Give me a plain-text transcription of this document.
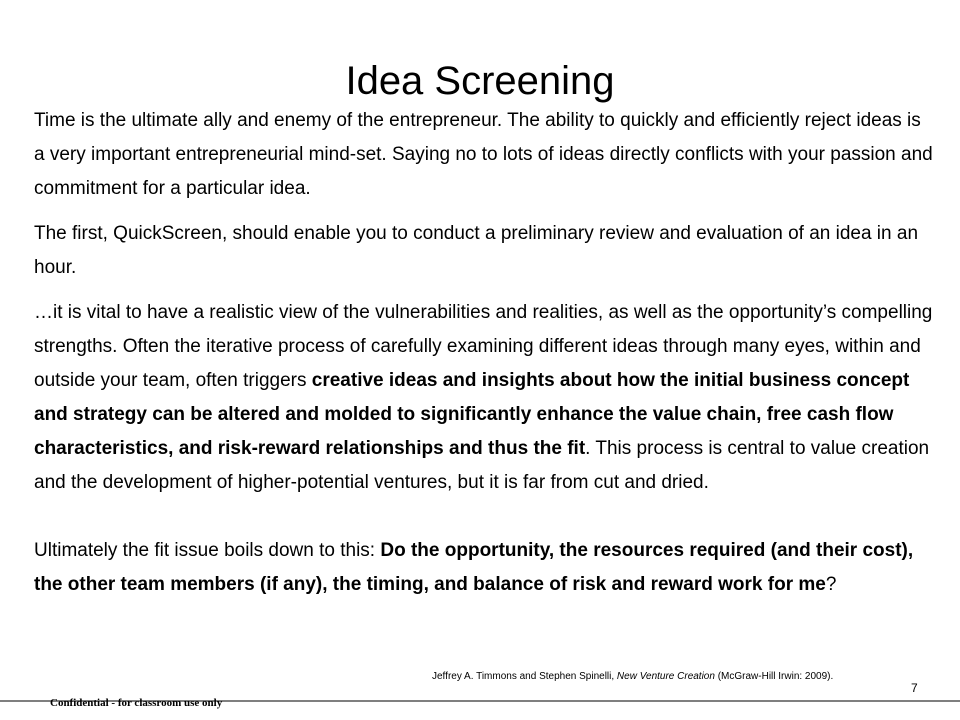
Idea Screening

Time is the ultimate ally and enemy of the entrepreneur. The ability to quickly and efficiently reject ideas is a very important entrepreneurial mind-set. Saying no to lots of ideas directly conflicts with your passion and commitment for a particular idea.

The first, QuickScreen, should enable you to conduct a preliminary review and evaluation of an idea in an hour.

…it is vital to have a realistic view of the vulnerabilities and realities, as well as the opportunity’s compelling strengths. Often the iterative process of carefully examining different ideas through many eyes, within and outside your team, often triggers creative ideas and insights about how the initial business concept and strategy can be altered and molded to significantly enhance the value chain, free cash flow characteristics, and risk-reward relationships and thus the fit. This process is central to value creation and the development of higher-potential ventures, but it is far from cut and dried.

Ultimately the fit issue boils down to this: Do the opportunity, the resources required (and their cost), the other team members (if any), the timing, and balance of risk and reward work for me?

Jeffrey A. Timmons and Stephen Spinelli, New Venture Creation (McGraw-Hill Irwin: 2009).
7
Confidential - for classroom use only
